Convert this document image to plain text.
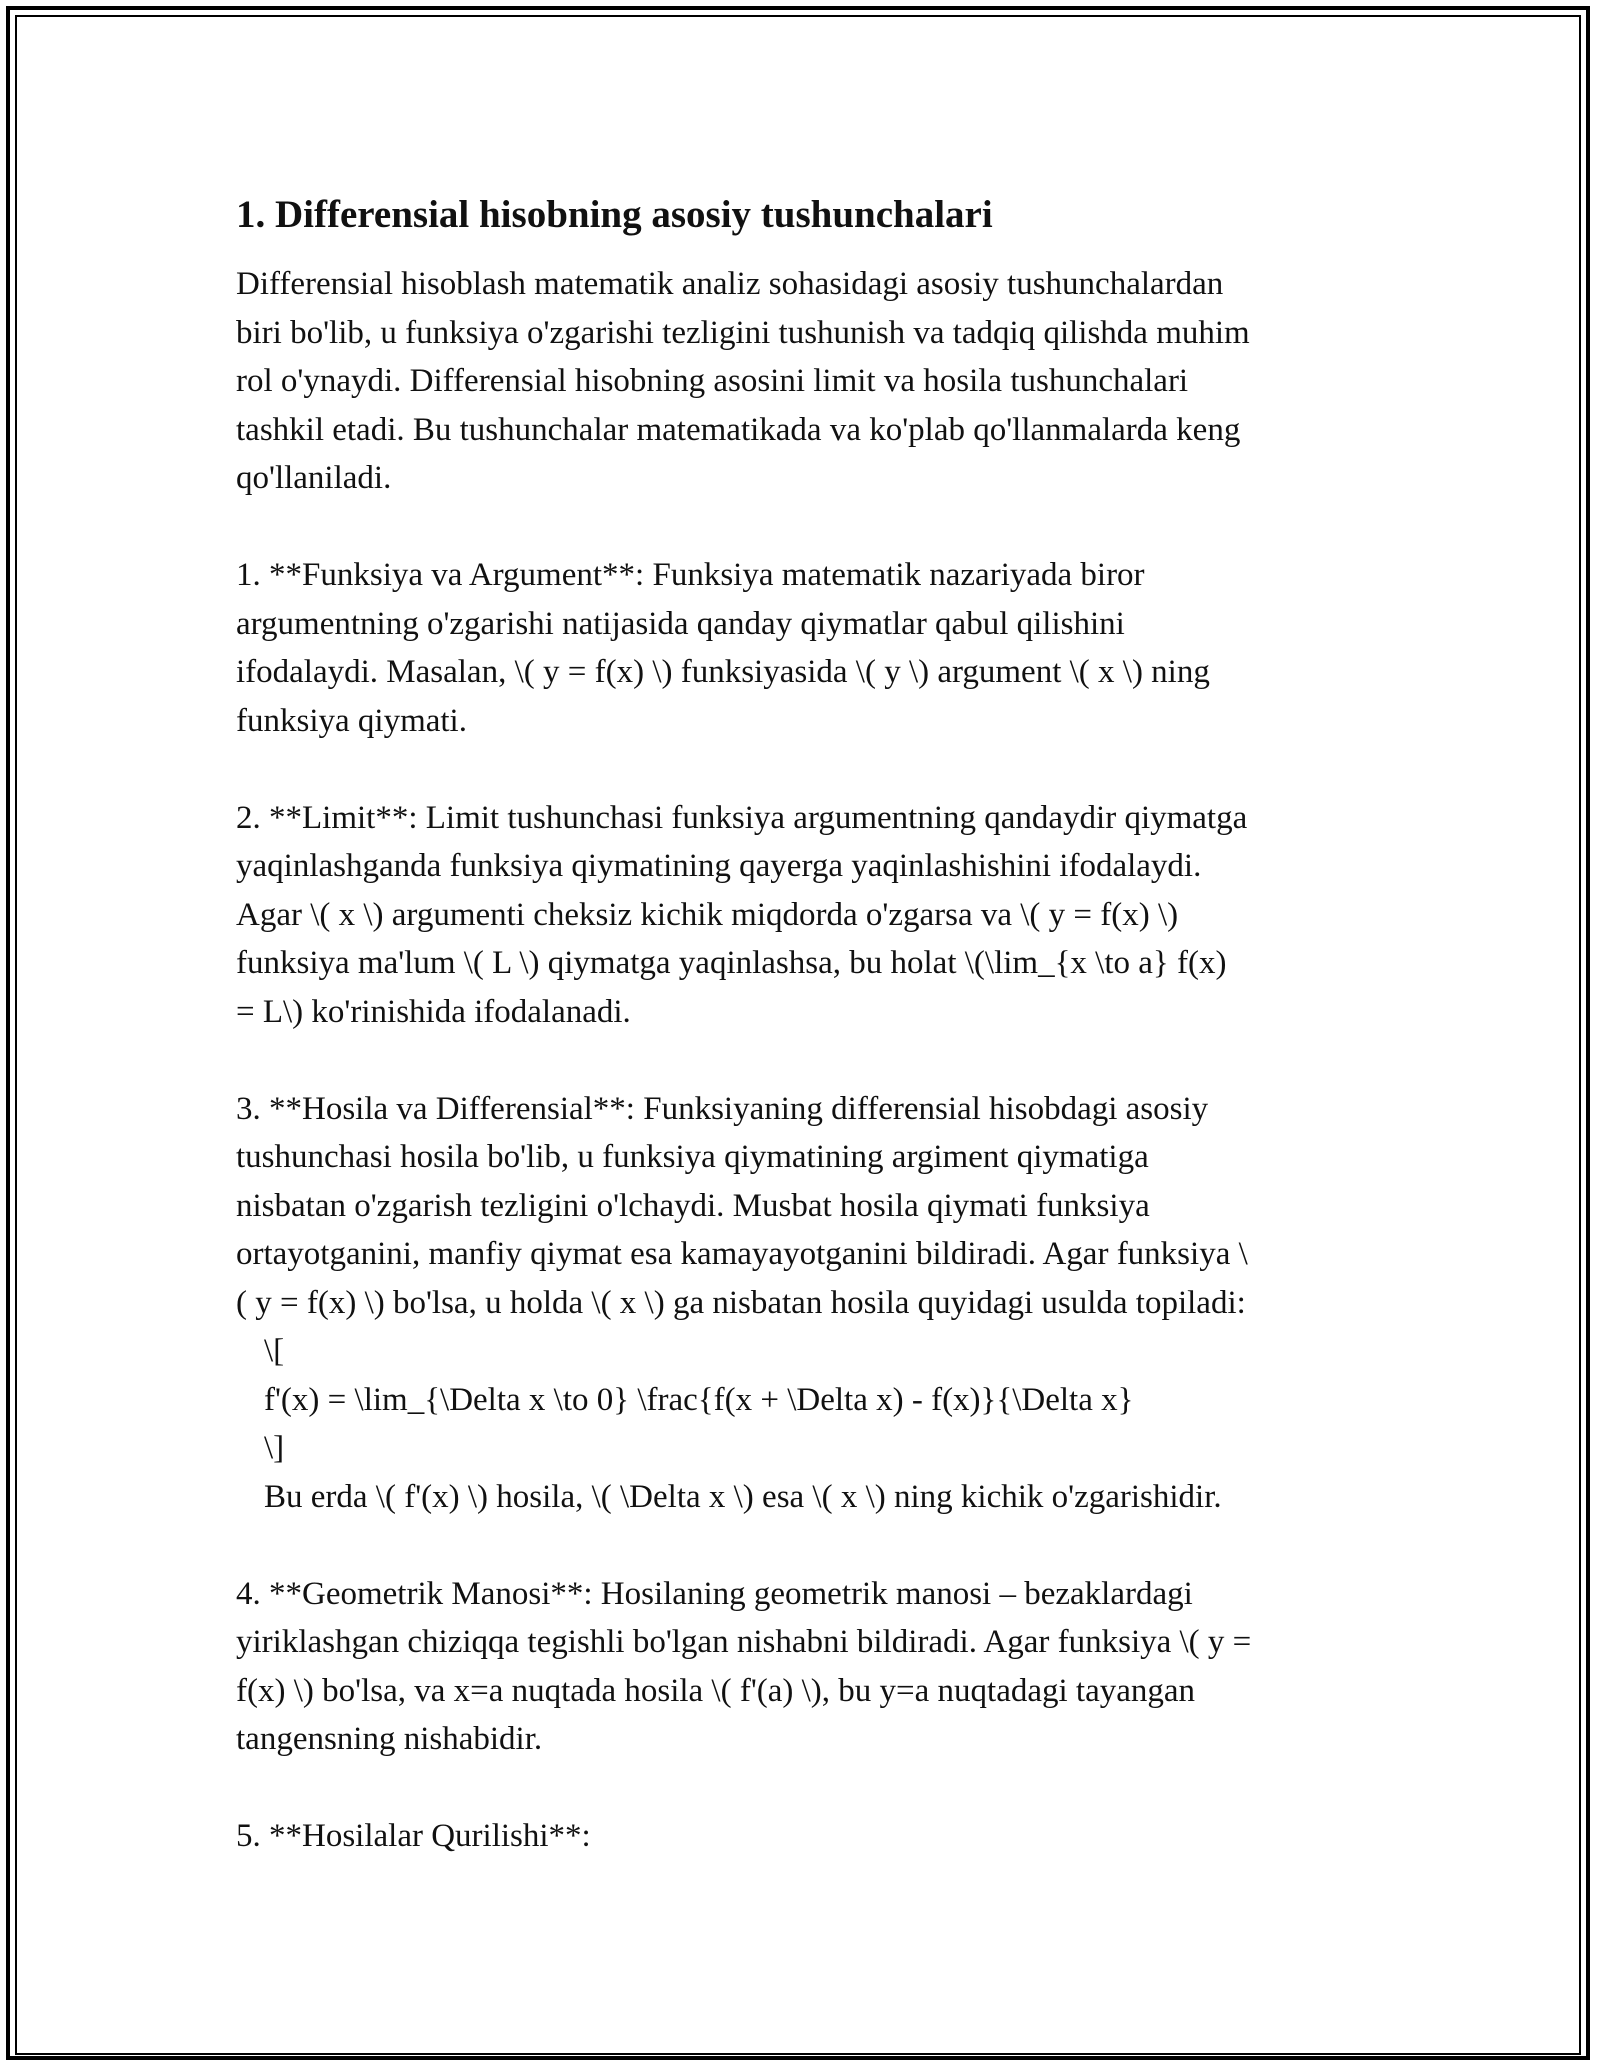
1. Differensial hisobning asosiy tushunchalari
Differensial hisoblash matematik analiz sohasidagi asosiy tushunchalardan
biri bo'lib, u funksiya o'zgarishi tezligini tushunish va tadqiq qilishda muhim
rol o'ynaydi. Differensial hisobning asosini limit va hosila tushunchalari
tashkil etadi. Bu tushunchalar matematikada va ko'plab qo'llanmalarda keng
qo'llaniladi.
1. **Funksiya va Argument**: Funksiya matematik nazariyada biror
argumentning o'zgarishi natijasida qanday qiymatlar qabul qilishini
ifodalaydi. Masalan, \( y = f(x) \) funksiyasida \( y \) argument \( x \) ning
funksiya qiymati.
2. **Limit**: Limit tushunchasi funksiya argumentning qandaydir qiymatga
yaqinlashganda funksiya qiymatining qayerga yaqinlashishini ifodalaydi.
Agar \( x \) argumenti cheksiz kichik miqdorda o'zgarsa va \( y = f(x) \)
funksiya ma'lum \( L \) qiymatga yaqinlashsa, bu holat \(\lim_{x \to a} f(x)
= L\) ko'rinishida ifodalanadi.
3. **Hosila va Differensial**: Funksiyaning differensial hisobdagi asosiy
tushunchasi hosila bo'lib, u funksiya qiymatining argiment qiymatiga
nisbatan o'zgarish tezligini o'lchaydi. Musbat hosila qiymati funksiya
ortayotganini, manfiy qiymat esa kamayayotganini bildiradi. Agar funksiya \
( y = f(x) \) bo'lsa, u holda \( x \) ga nisbatan hosila quyidagi usulda topiladi:
\[
f'(x) = \lim_{\Delta x \to 0} \frac{f(x + \Delta x) - f(x)}{\Delta x}
\]
Bu erda \( f'(x) \) hosila, \( \Delta x \) esa \( x \) ning kichik o'zgarishidir.
4. **Geometrik Manosi**: Hosilaning geometrik manosi – bezaklardagi
yiriklashgan chiziqqa tegishli bo'lgan nishabni bildiradi. Agar funksiya \( y =
f(x) \) bo'lsa, va x=a nuqtada hosila \( f'(a) \), bu y=a nuqtadagi tayangan
tangensning nishabidir.
5. **Hosilalar Qurilishi**:
